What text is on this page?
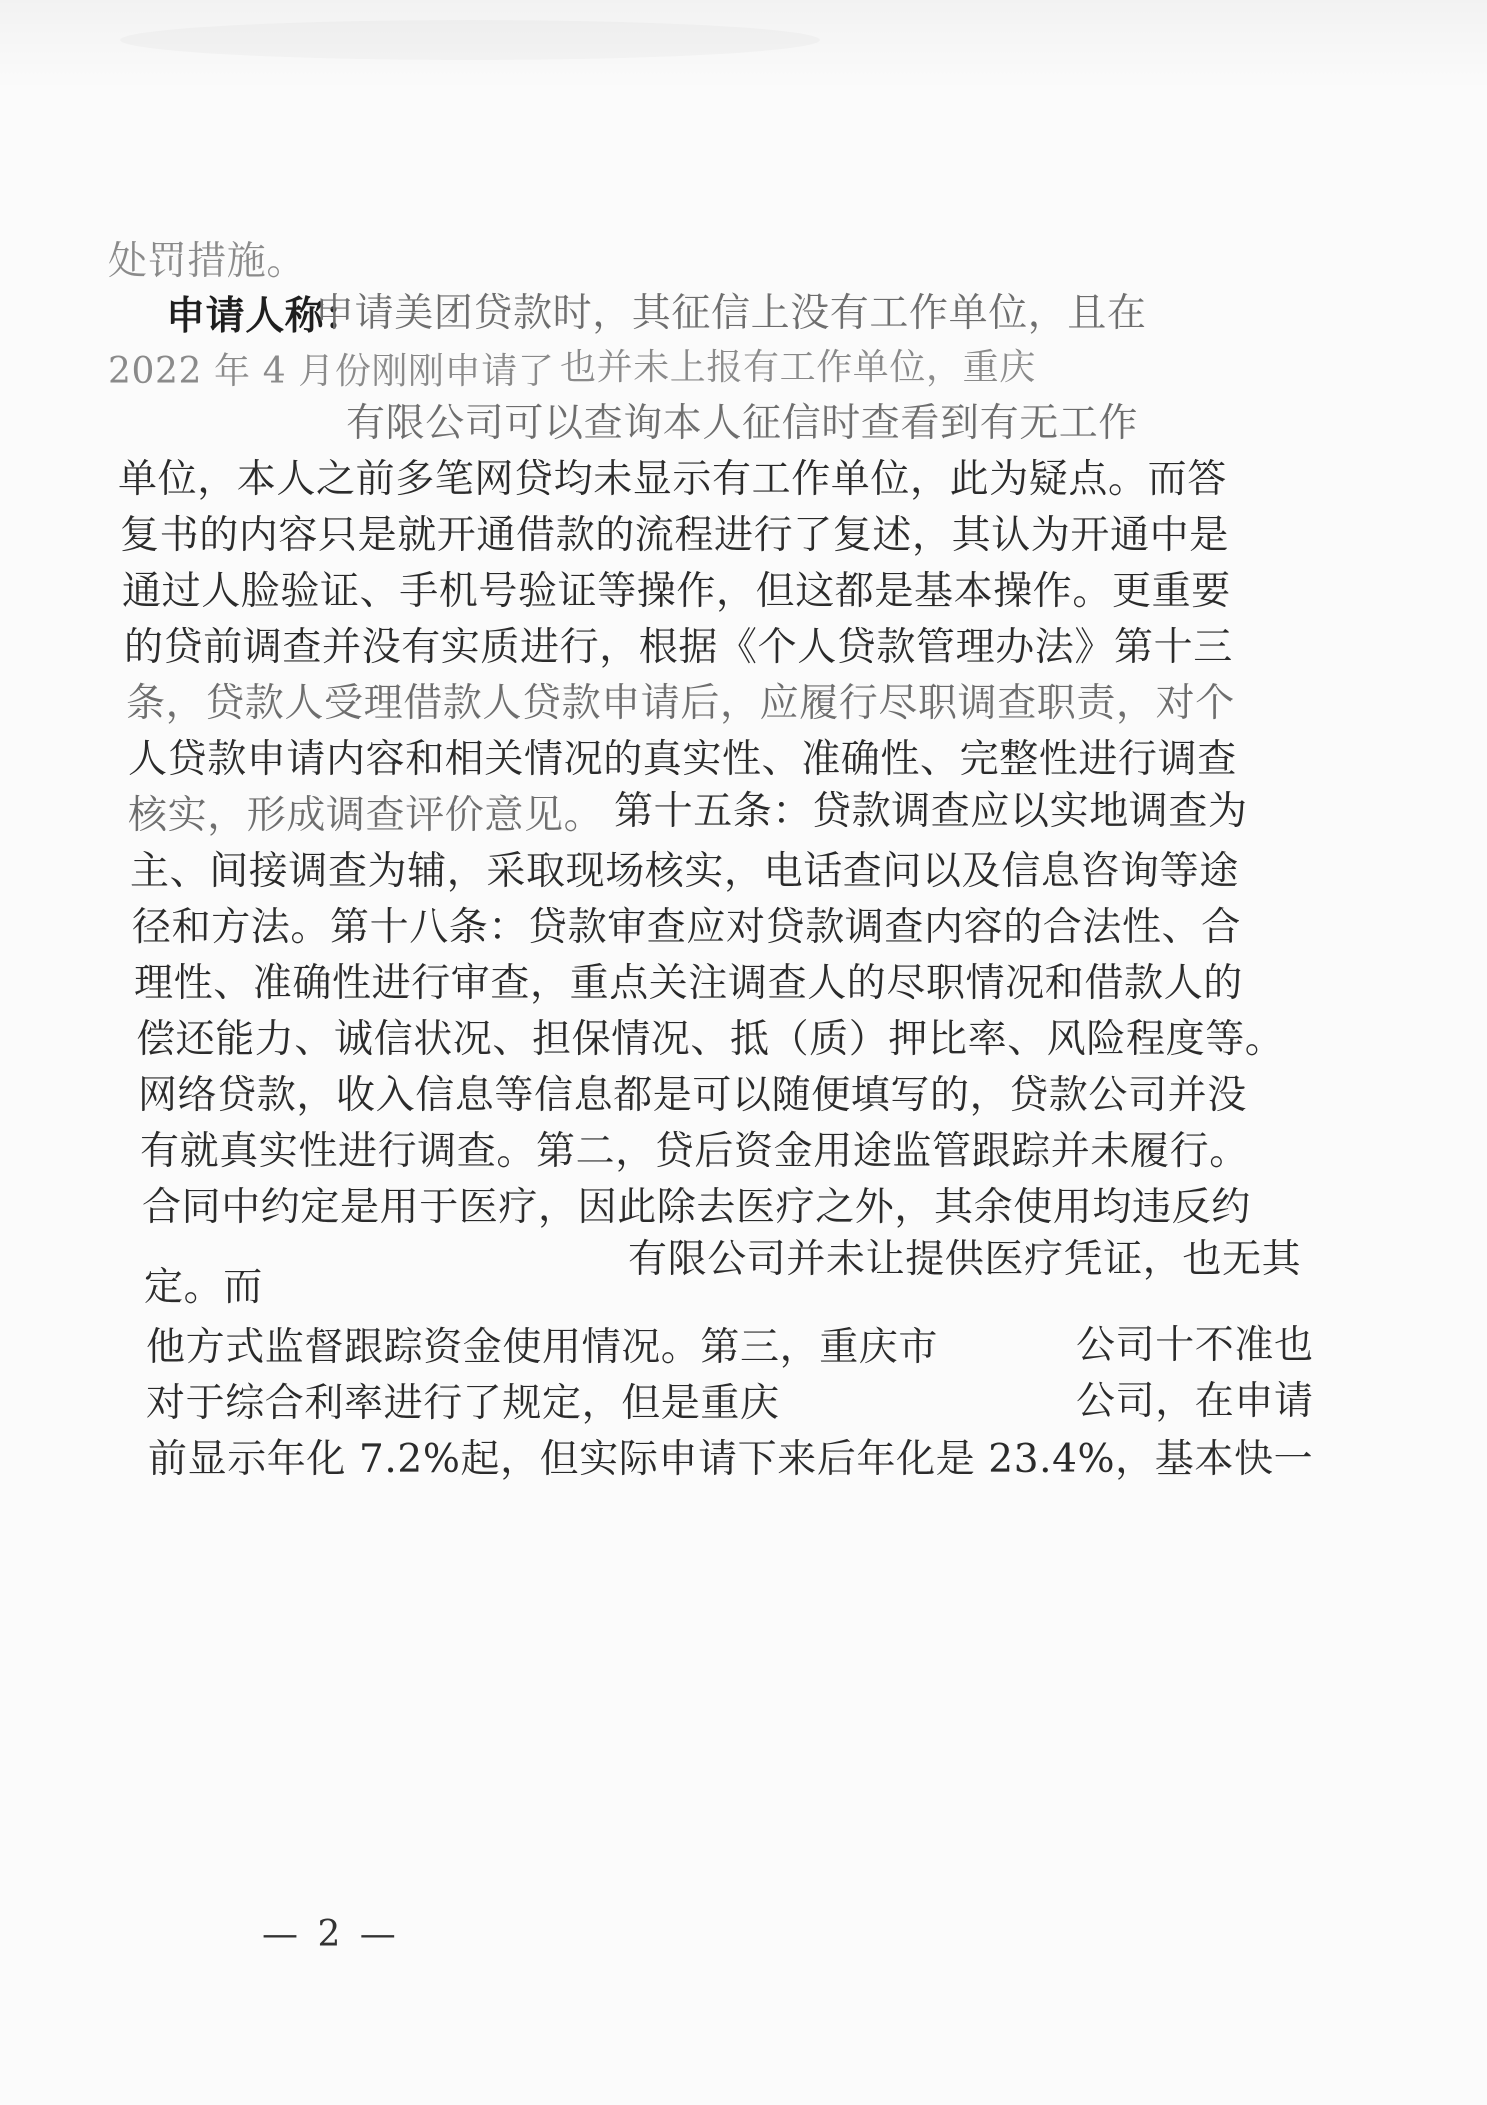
处罚措施。
申请人称：
申请美团贷款时，其征信上没有工作单位，且在
2022 年 4 月份刚刚申请了 也并未上报有工作单位，重庆
有限公司可以查询本人征信时查看到有无工作
单位，本人之前多笔网贷均未显示有工作单位，此为疑点。而答
复书的内容只是就开通借款的流程进行了复述，其认为开通中是
通过人脸验证、手机号验证等操作，但这都是基本操作。更重要
的贷前调查并没有实质进行，根据《个人贷款管理办法》第十三
条，贷款人受理借款人贷款申请后，应履行尽职调查职责，对个
人贷款申请内容和相关情况的真实性、准确性、完整性进行调查
核实，形成调查评价意见。 第十五条：贷款调查应以实地调查为
主、间接调查为辅，采取现场核实，电话查问以及信息咨询等途
径和方法。第十八条：贷款审查应对贷款调查内容的合法性、合
理性、准确性进行审查，重点关注调查人的尽职情况和借款人的
偿还能力、诚信状况、担保情况、抵（质）押比率、风险程度等。
网络贷款，收入信息等信息都是可以随便填写的，贷款公司并没
有就真实性进行调查。第二，贷后资金用途监管跟踪并未履行。
合同中约定是用于医疗，因此除去医疗之外，其余使用均违反约
有限公司并未让提供医疗凭证，也无其
定。而
他方式监督跟踪资金使用情况。第三，重庆市	公司十不准也
对于综合利率进行了规定，但是重庆	公司，在申请
前显示年化 7.2%起，但实际申请下来后年化是 23.4%，基本快一
— 2 —
